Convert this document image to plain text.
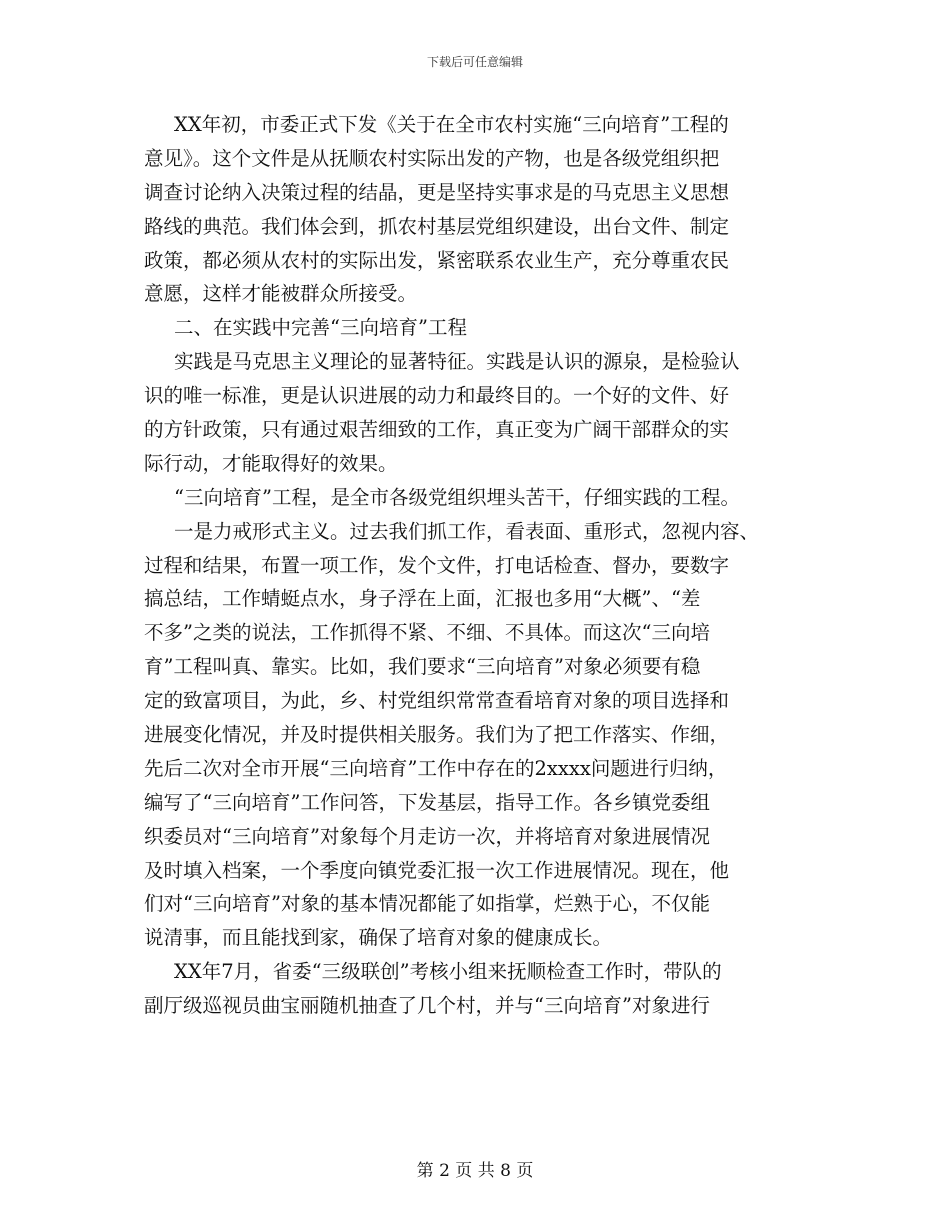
下载后可任意编辑
XX年初，市委正式下发《关于在全市农村实施“三向培育”工程的
意见》。这个文件是从抚顺农村实际出发的产物，也是各级党组织把
调查讨论纳入决策过程的结晶，更是坚持实事求是的马克思主义思想
路线的典范。我们体会到，抓农村基层党组织建设，出台文件、制定
政策，都必须从农村的实际出发，紧密联系农业生产，充分尊重农民
意愿，这样才能被群众所接受。
二、在实践中完善“三向培育”工程
实践是马克思主义理论的显著特征。实践是认识的源泉，是检验认
识的唯一标准，更是认识进展的动力和最终目的。一个好的文件、好
的方针政策，只有通过艰苦细致的工作，真正变为广阔干部群众的实
际行动，才能取得好的效果。
“三向培育”工程，是全市各级党组织埋头苦干，仔细实践的工程。
一是力戒形式主义。过去我们抓工作，看表面、重形式，忽视内容、
过程和结果，布置一项工作，发个文件，打电话检查、督办，要数字
搞总结，工作蜻蜓点水，身子浮在上面，汇报也多用“大概”、“差
不多”之类的说法，工作抓得不紧、不细、不具体。而这次“三向培
育”工程叫真、靠实。比如，我们要求“三向培育”对象必须要有稳
定的致富项目，为此，乡、村党组织常常查看培育对象的项目选择和
进展变化情况，并及时提供相关服务。我们为了把工作落实、作细，
先后二次对全市开展“三向培育”工作中存在的2xxxx问题进行归纳，
编写了“三向培育”工作问答，下发基层，指导工作。各乡镇党委组
织委员对“三向培育”对象每个月走访一次，并将培育对象进展情况
及时填入档案，一个季度向镇党委汇报一次工作进展情况。现在，他
们对“三向培育”对象的基本情况都能了如指掌，烂熟于心，不仅能
说清事，而且能找到家，确保了培育对象的健康成长。
XX年7月，省委“三级联创”考核小组来抚顺检查工作时，带队的
副厅级巡视员曲宝丽随机抽查了几个村，并与“三向培育”对象进行
第 2 页 共 8 页
